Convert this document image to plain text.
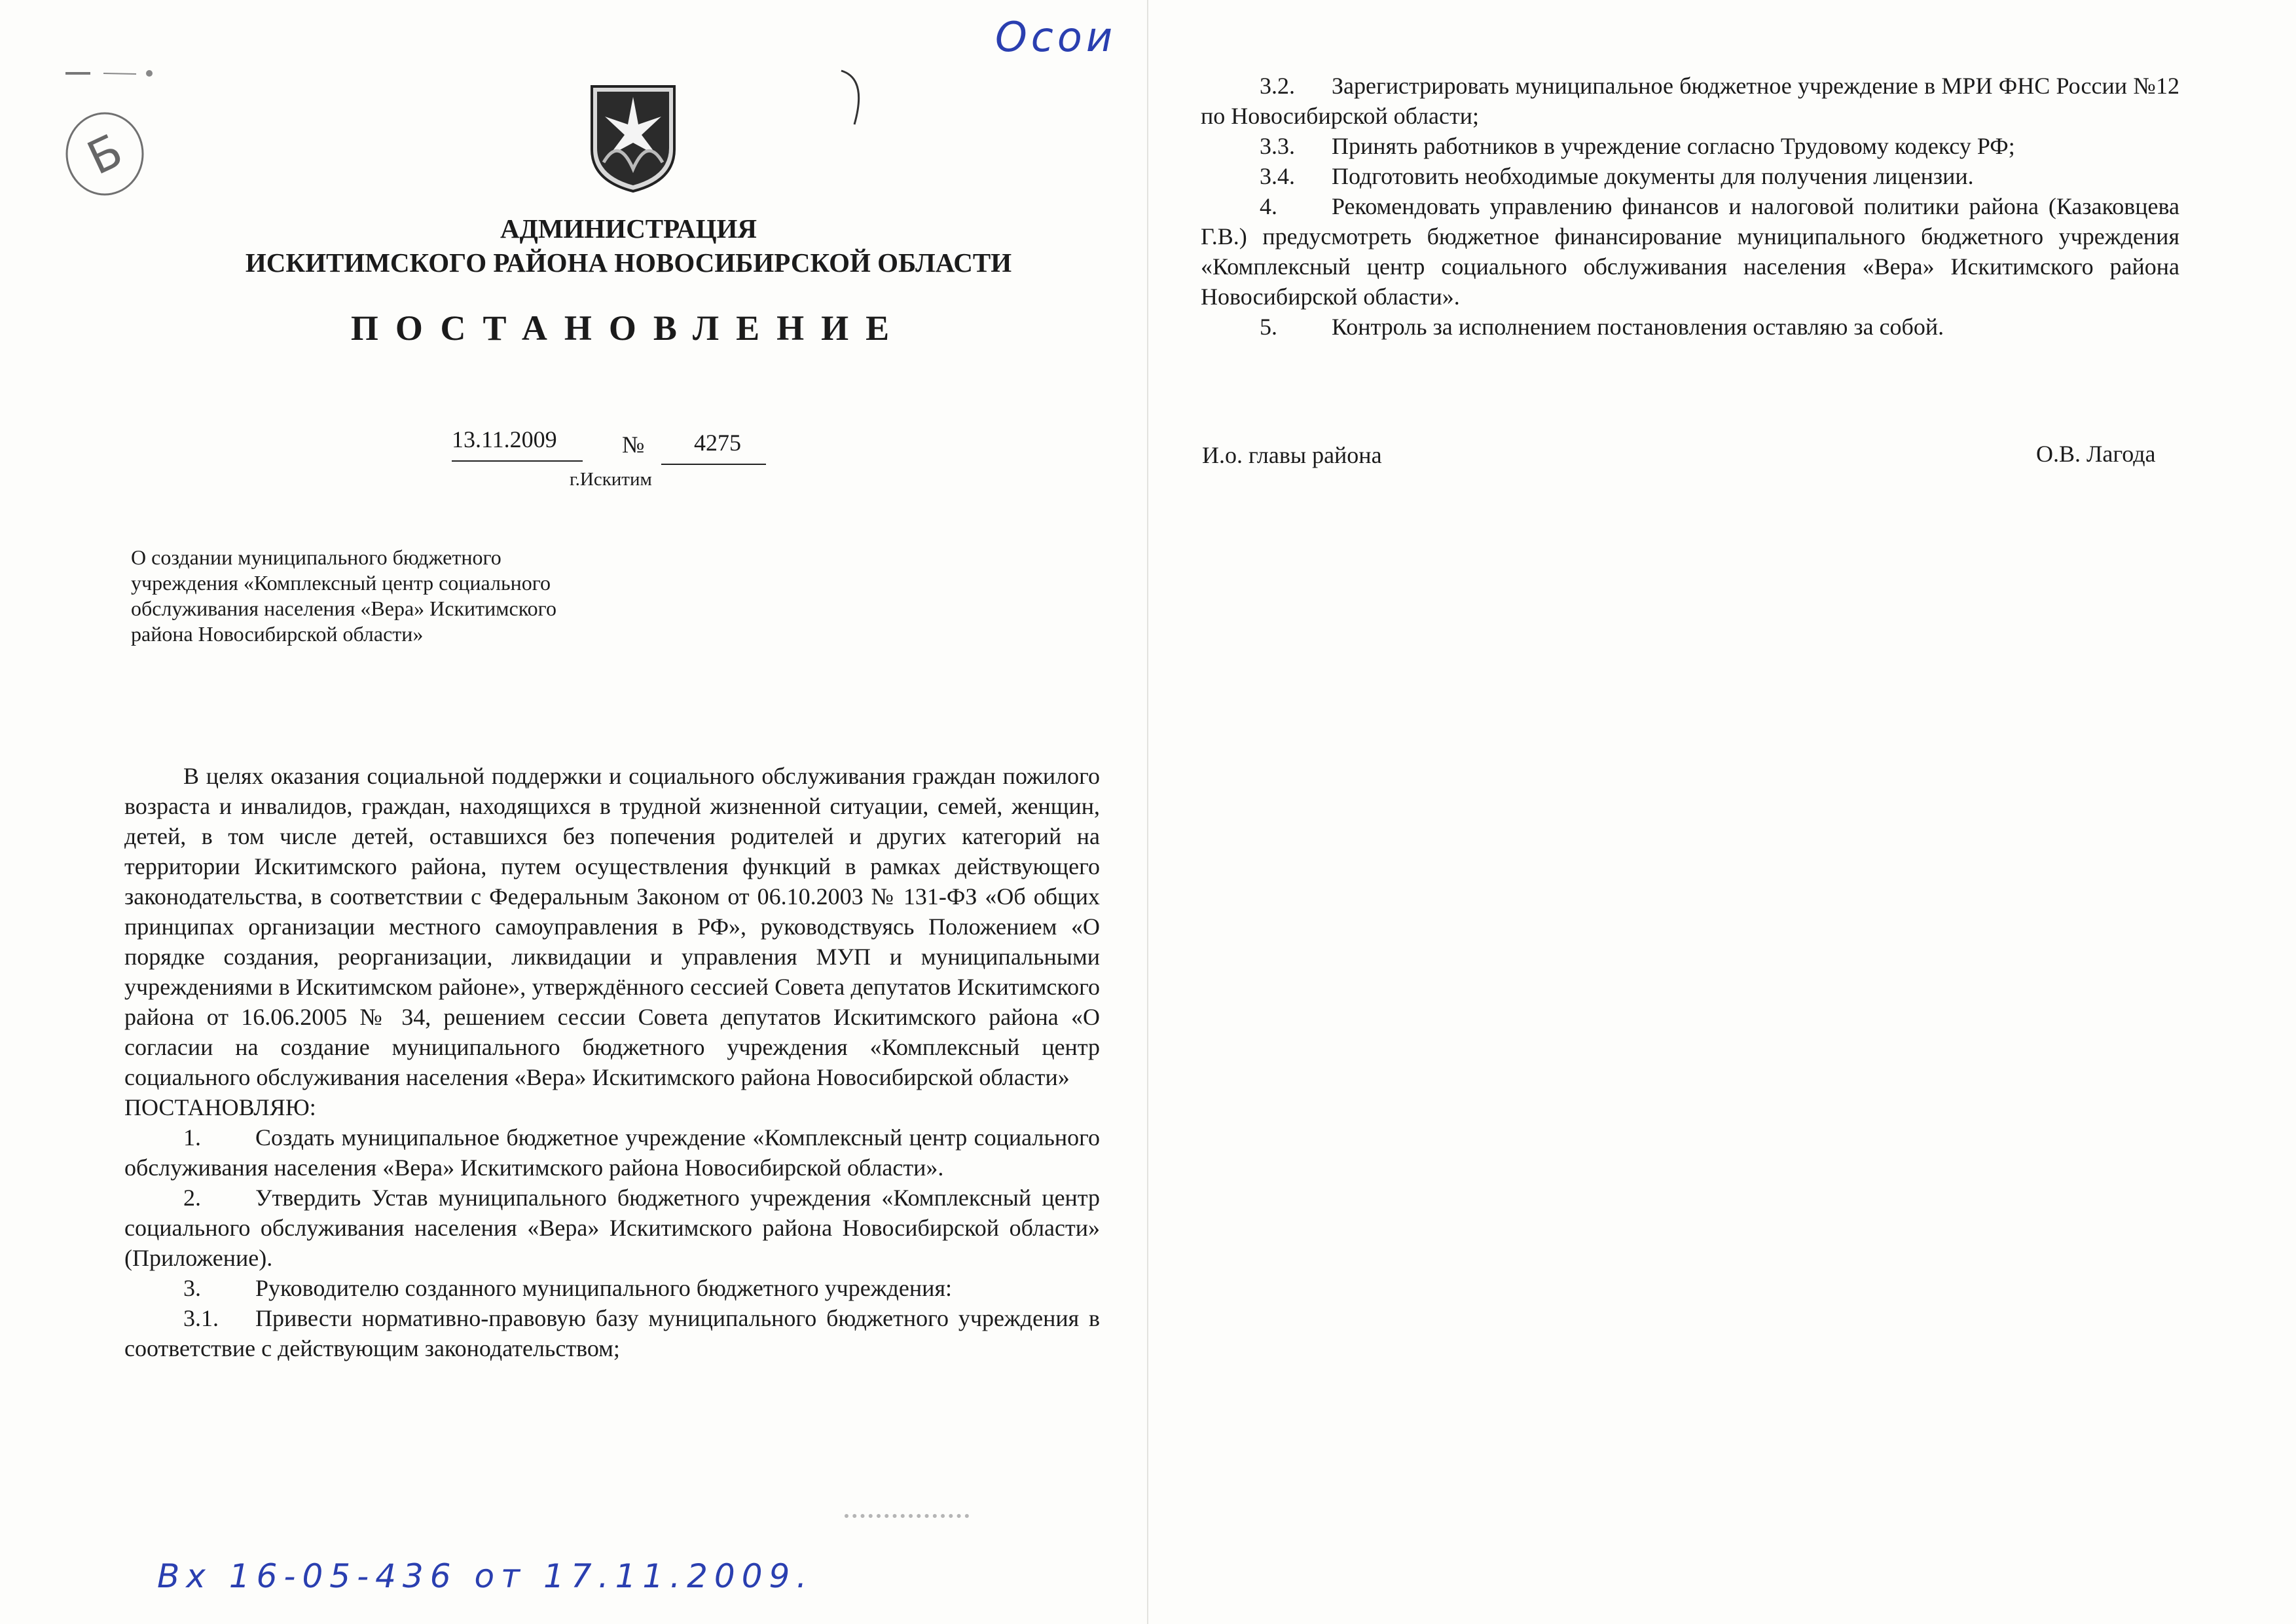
Осои
Б
АДМИНИСТРАЦИЯ
ИСКИТИМСКОГО РАЙОНА НОВОСИБИРСКОЙ ОБЛАСТИ
ПОСТАНОВЛЕНИЕ
13.11.2009	№ 4275
г.Искитим
О создании муниципального бюджетного
учреждения «Комплексный центр социального
обслуживания населения «Вера» Искитимского
района Новосибирской области»

В целях оказания социальной поддержки и социального обслуживания граждан пожилого возраста и инвалидов, граждан, находящихся в трудной жизненной ситуации, семей, женщин, детей, в том числе детей, оставшихся без попечения родителей и других категорий на территории Искитимского района, путем осуществления функций в рамках действующего законодательства, в соответствии с Федеральным Законом от 06.10.2003 № 131-ФЗ «Об общих принципах организации местного самоуправления в РФ», руководствуясь Положением «О порядке создания, реорганизации, ликвидации и управления МУП и муниципальными учреждениями в Искитимском районе», утверждённого сессией Совета депутатов Искитимского района от 16.06.2005 № 34, решением сессии Совета депутатов Искитимского района «О согласии на создание муниципального бюджетного учреждения «Комплексный центр социального обслуживания населения «Вера» Искитимского района Новосибирской области»

ПОСТАНОВЛЯЮ:

1. Создать муниципальное бюджетное учреждение «Комплексный центр социального обслуживания населения «Вера» Искитимского района Новосибирской области».

2. Утвердить Устав муниципального бюджетного учреждения «Комплексный центр социального обслуживания населения «Вера» Искитимского района Новосибирской области» (Приложение).

3. Руководителю созданного муниципального бюджетного учреждения:

3.1. Привести нормативно-правовую базу муниципального бюджетного учреждения в соответствие с действующим законодательством;

Вх 16-05-436 от 17.11.2009.

3.2. Зарегистрировать муниципальное бюджетное учреждение в МРИ ФНС России №12 по Новосибирской области;

3.3. Принять работников в учреждение согласно Трудовому кодексу РФ;

3.4. Подготовить необходимые документы для получения лицензии.

4. Рекомендовать управлению финансов и налоговой политики района (Казаковцева Г.В.) предусмотреть бюджетное финансирование муниципального бюджетного учреждения «Комплексный центр социального обслуживания населения «Вера» Искитимского района Новосибирской области».

5. Контроль за исполнением постановления оставляю за собой.

И.о. главы района	О.В. Лагода
